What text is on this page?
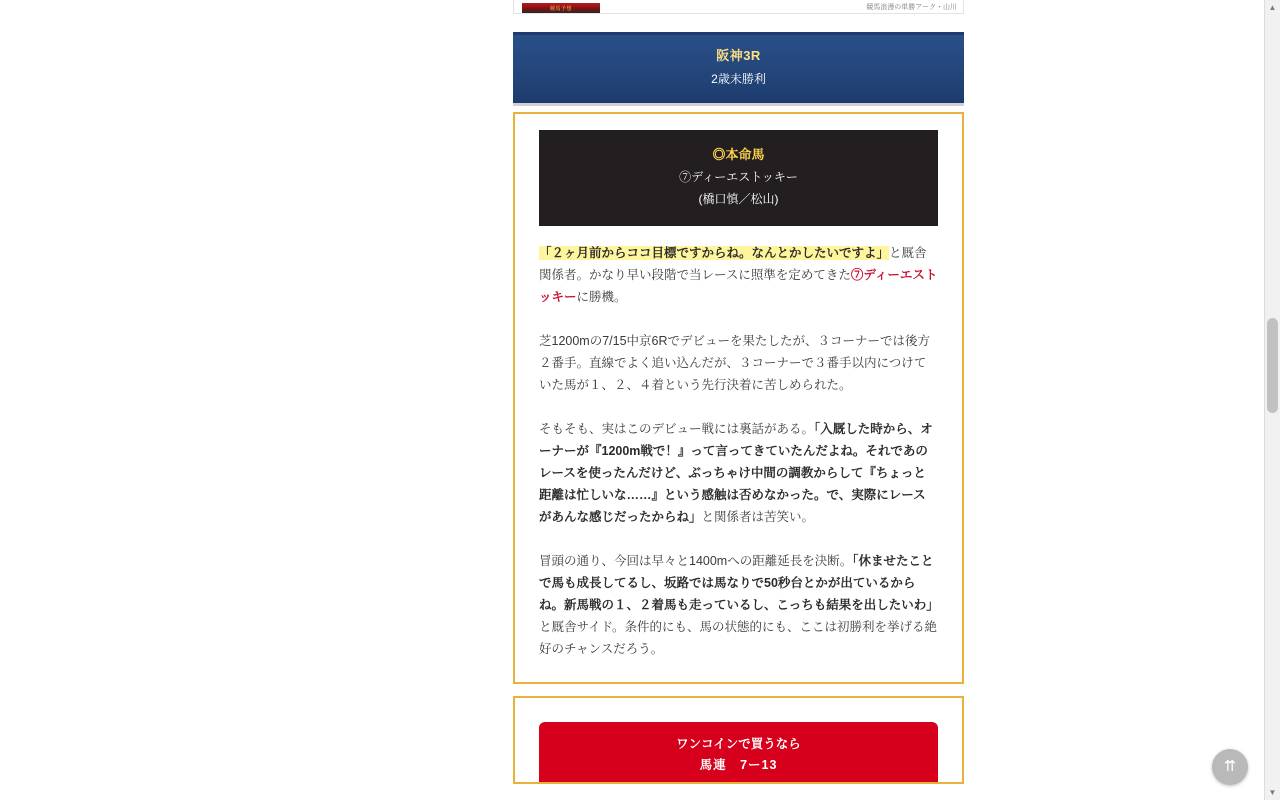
競馬予想	競馬浪漫の単勝アーク・山川
阪神3R
2歳未勝利
◎本命馬
⑦ディーエストッキー
(橋口慎／松山)

「２ヶ月前からココ目標ですからね。なんとかしたいですよ」と厩舎関係者。かなり早い段階で当レースに照準を定めてきた⑦ディーエストッキーに勝機。

芝1200mの7/15中京6Rでデビューを果たしたが、３コーナーでは後方２番手。直線でよく追い込んだが、３コーナーで３番手以内につけていた馬が１、２、４着という先行決着に苦しめられた。

そもそも、実はこのデビュー戦には裏話がある。「入厩した時から、オーナーが『1200m戦で！』って言ってきていたんだよね。それであのレースを使ったんだけど、ぶっちゃけ中間の調教からして『ちょっと距離は忙しいな……』という感触は否めなかった。で、実際にレースがあんな感じだったからね」と関係者は苦笑い。

冒頭の通り、今回は早々と1400mへの距離延長を決断。「休ませたことで馬も成長してるし、坂路では馬なりで50秒台とかが出ているからね。新馬戦の１、２着馬も走っているし、こっちも結果を出したいわ」と厩舎サイド。条件的にも、馬の状態的にも、ここは初勝利を挙げる絶好のチャンスだろう。

ワンコインで買うなら
馬連　7ー13
▲
▼
⇈
